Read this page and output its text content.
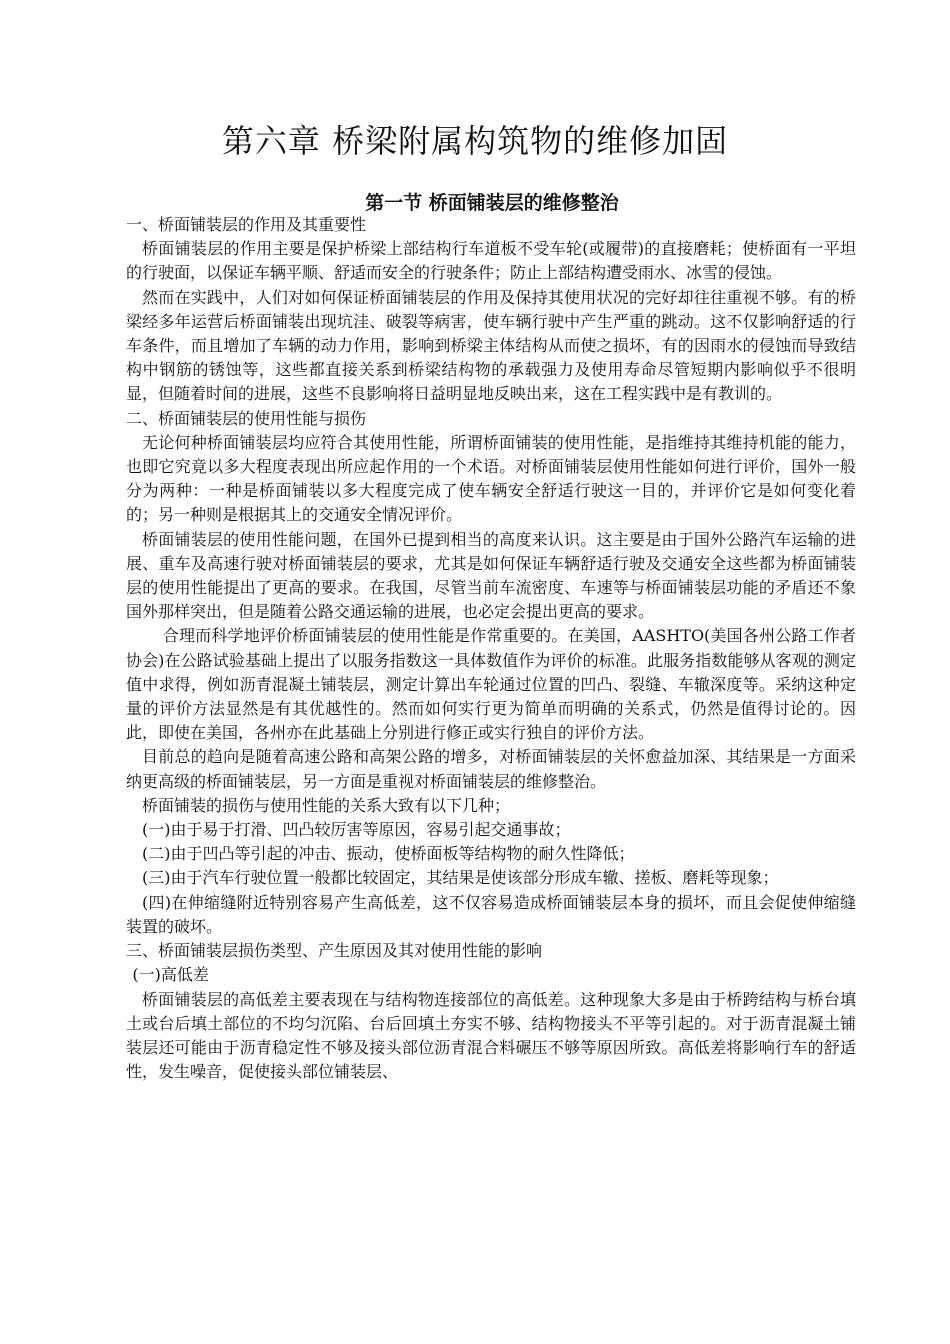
第六章 桥梁附属构筑物的维修加固
第一节 桥面铺装层的维修整治
一、桥面铺装层的作用及其重要性

桥面铺装层的作用主要是保护桥梁上部结构行车道板不受车轮(或履带)的直接磨耗；使桥面有一平坦的行驶面，以保证车辆平顺、舒适而安全的行驶条件；防止上部结构遭受雨水、冰雪的侵蚀。

然而在实践中，人们对如何保证桥面铺装层的作用及保持其使用状况的完好却往往重视不够。有的桥梁经多年运营后桥面铺装出现坑洼、破裂等病害，使车辆行驶中产生严重的跳动。这不仅影响舒适的行车条件，而且增加了车辆的动力作用，影响到桥梁主体结构从而使之损坏，有的因雨水的侵蚀而导致结构中钢筋的锈蚀等，这些都直接关系到桥梁结构物的承载强力及使用寿命尽管短期内影响似乎不很明显，但随着时间的进展，这些不良影响将日益明显地反映出来，这在工程实践中是有教训的。

二、桥面铺装层的使用性能与损伤

无论何种桥面铺装层均应符合其使用性能，所谓桥面铺装的使用性能，是指维持其维持机能的能力，也即它究竟以多大程度表现出所应起作用的一个术语。对桥面铺装层使用性能如何进行评价，国外一般分为两种：一种是桥面铺装以多大程度完成了使车辆安全舒适行驶这一目的，并评价它是如何变化着的；另一种则是根据其上的交通安全情况评价。

桥面铺装层的使用性能问题，在国外已提到相当的高度来认识。这主要是由于国外公路汽车运输的进展、重车及高速行驶对桥面铺装层的要求，尤其是如何保证车辆舒适行驶及交通安全这些都为桥面铺装层的使用性能提出了更高的要求。在我国，尽管当前车流密度、车速等与桥面铺装层功能的矛盾还不象国外那样突出，但是随着公路交通运输的进展，也必定会提出更高的要求。

合理而科学地评价桥面铺装层的使用性能是作常重要的。在美国，AASHTO(美国各州公路工作者协会)在公路试验基础上提出了以服务指数这一具体数值作为评价的标准。此服务指数能够从客观的测定值中求得，例如沥青混凝土铺装层，测定计算出车轮通过位置的凹凸、裂缝、车辙深度等。采纳这种定量的评价方法显然是有其优越性的。然而如何实行更为简单而明确的关系式，仍然是值得讨论的。因此，即使在美国，各州亦在此基础上分别进行修正或实行独自的评价方法。

目前总的趋向是随着高速公路和高架公路的增多，对桥面铺装层的关怀愈益加深、其结果是一方面采纳更高级的桥面铺装层，另一方面是重视对桥面铺装层的维修整治。

桥面铺装的损伤与使用性能的关系大致有以下几种；

(一)由于易于打滑、凹凸较厉害等原因，容易引起交通事故；

(二)由于凹凸等引起的冲击、振动，使桥面板等结构物的耐久性降低；

(三)由于汽车行驶位置一般都比较固定，其结果是使该部分形成车辙、搓板、磨耗等现象；

(四)在伸缩缝附近特别容易产生高低差，这不仅容易造成桥面铺装层本身的损坏，而且会促使伸缩缝装置的破坏。

三、桥面铺装层损伤类型、产生原因及其对使用性能的影响
(一)高低差

桥面铺装层的高低差主要表现在与结构物连接部位的高低差。这种现象大多是由于桥跨结构与桥台填土或台后填土部位的不均匀沉陷、台后回填土夯实不够、结构物接头不平等引起的。对于沥青混凝土铺装层还可能由于沥青稳定性不够及接头部位沥青混合料碾压不够等原因所致。高低差将影响行车的舒适性，发生噪音，促使接头部位铺装层、
